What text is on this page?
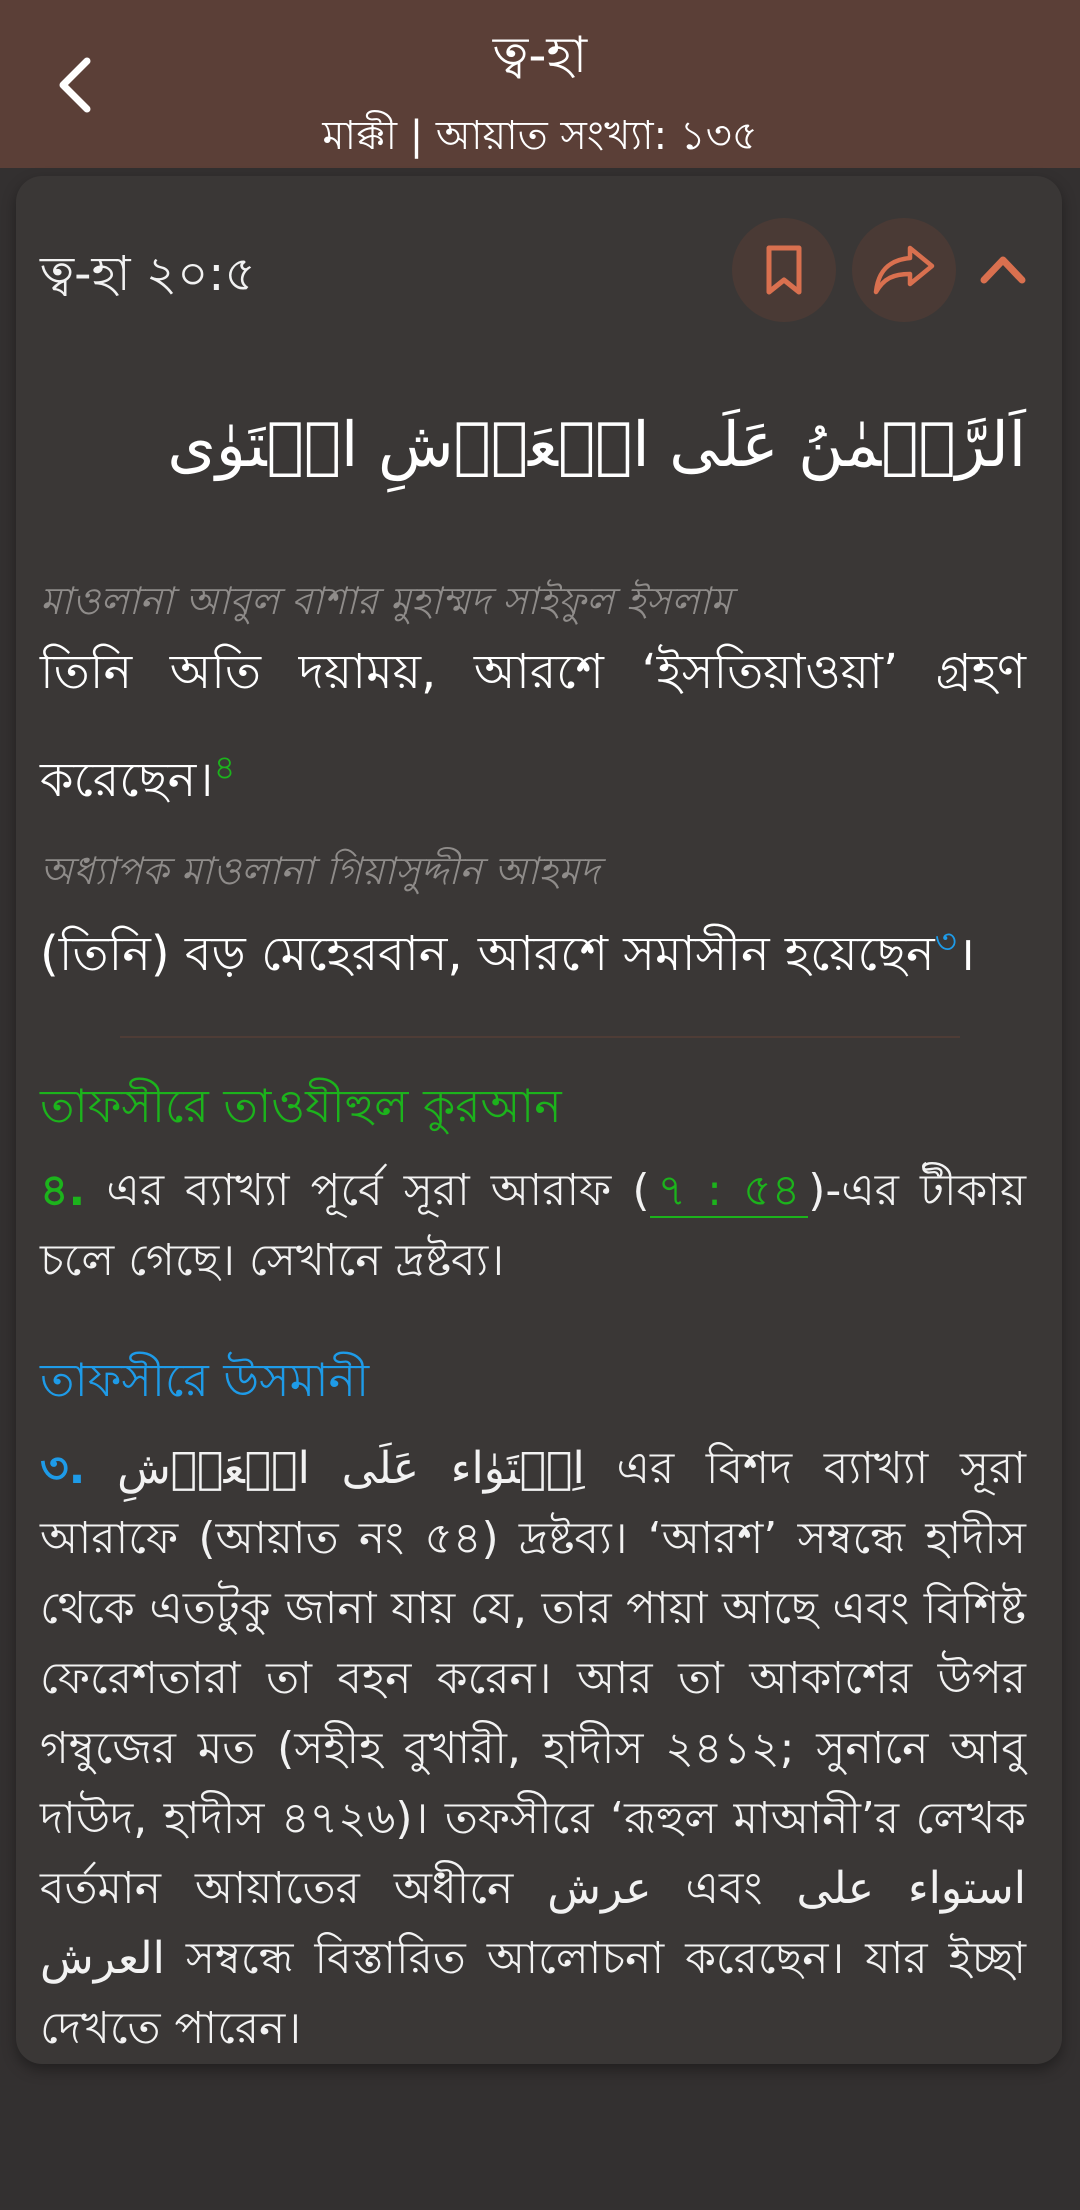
ত্ব-হা
মাক্কী | আয়াত সংখ্যা: ১৩৫
ত্ব-হা ২০:৫
اَلرَّحۡمٰنُ عَلَی الۡعَرۡشِ اسۡتَوٰی
মাওলানা আবুল বাশার মুহাম্মদ সাইফুল ইসলাম
তিনি অতি দয়াময়, আরশে ‘ইসতিয়াওয়া’ গ্রহণ করেছেন।$^৪$
অধ্যাপক মাওলানা গিয়াসুদ্দীন আহমদ
(তিনি) বড় মেহেরবান, আরশে সমাসীন হয়েছেন$^৩$।
তাফসীরে তাওযীহুল কুরআন
৪. এর ব্যাখ্যা পূর্বে সূরা আরাফ ( ৭ : ৫৪ )-এর টীকায় চলে গেছে। সেখানে দ্রষ্টব্য।
তাফসীরে উসমানী
৩. اِسۡتَوٰاء عَلَی الۡعَرۡشِ এর বিশদ ব্যাখ্যা সূরা আরাফে (আয়াত নং ৫৪) দ্রষ্টব্য। ‘আরশ’ সম্বন্ধে হাদীস থেকে এতটুকু জানা যায় যে, তার পায়া আছে এবং বিশিষ্ট ফেরেশতারা তা বহন করেন। আর তা আকাশের উপর গম্বুজের মত (সহীহ বুখারী, হাদীস ২৪১২; সুনানে আবু দাউদ, হাদীস ৪৭২৬)। তফসীরে ‘রূহুল মাআনী’র লেখক বর্তমান আয়াতের অধীনে عرش এবং استواء على العرش সম্বন্ধে বিস্তারিত আলোচনা করেছেন। যার ইচ্ছা দেখতে পারেন।
